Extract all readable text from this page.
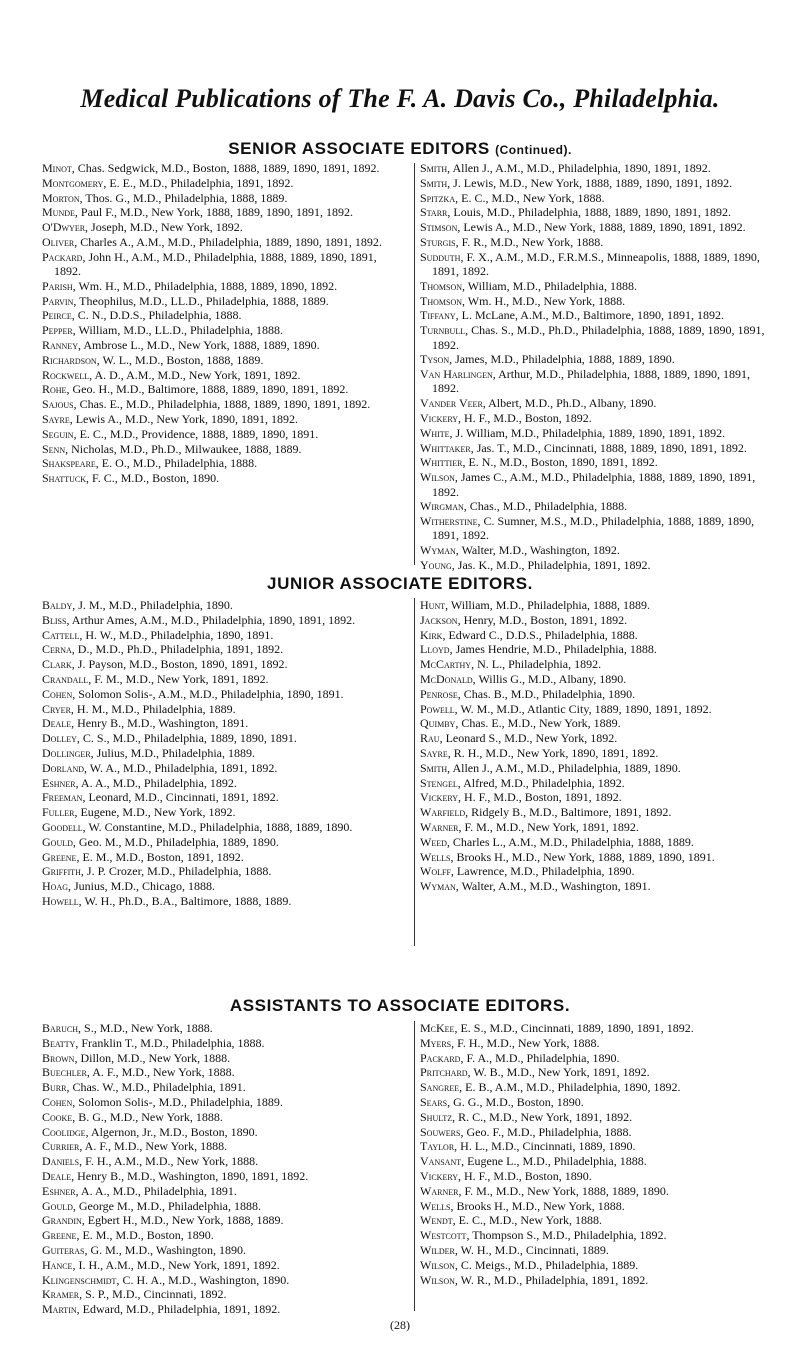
Medical Publications of The F. A. Davis Co., Philadelphia.
SENIOR ASSOCIATE EDITORS (Continued).
Minot, Chas. Sedgwick, M.D., Boston, 1888, 1889, 1890, 1891, 1892.
Montgomery, E. E., M.D., Philadelphia, 1891, 1892.
Morton, Thos. G., M.D., Philadelphia, 1888, 1889.
Munde, Paul F., M.D., New York, 1888, 1889, 1890, 1891, 1892.
O'Dwyer, Joseph, M.D., New York, 1892.
Oliver, Charles A., A.M., M.D., Philadelphia, 1889, 1890, 1891, 1892.
Packard, John H., A.M., M.D., Philadelphia, 1888, 1889, 1890, 1891, 1892.
Parish, Wm. H., M.D., Philadelphia, 1888, 1889, 1890, 1892.
Parvin, Theophilus, M.D., LL.D., Philadelphia, 1888, 1889.
Peirce, C. N., D.D.S., Philadelphia, 1888.
Pepper, William, M.D., LL.D., Philadelphia, 1888.
Ranney, Ambrose L., M.D., New York, 1888, 1889, 1890.
Richardson, W. L., M.D., Boston, 1888, 1889.
Rockwell, A. D., A.M., M.D., New York, 1891, 1892.
Rohe, Geo. H., M.D., Baltimore, 1888, 1889, 1890, 1891, 1892.
Sajous, Chas. E., M.D., Philadelphia, 1888, 1889, 1890, 1891, 1892.
Sayre, Lewis A., M.D., New York, 1890, 1891, 1892.
Seguin, E. C., M.D., Providence, 1888, 1889, 1890, 1891.
Senn, Nicholas, M.D., Ph.D., Milwaukee, 1888, 1889.
Shakspeare, E. O., M.D., Philadelphia, 1888.
Shattuck, F. C., M.D., Boston, 1890.
Smith, Allen J., A.M., M.D., Philadelphia, 1890, 1891, 1892.
Smith, J. Lewis, M.D., New York, 1888, 1889, 1890, 1891, 1892.
Spitzka, E. C., M.D., New York, 1888.
Starr, Louis, M.D., Philadelphia, 1888, 1889, 1890, 1891, 1892.
Stimson, Lewis A., M.D., New York, 1888, 1889, 1890, 1891, 1892.
Sturgis, F. R., M.D., New York, 1888.
Sudduth, F. X., A.M., M.D., F.R.M.S., Minneapolis, 1888, 1889, 1890, 1891, 1892.
Thomson, William, M.D., Philadelphia, 1888.
Thomson, Wm. H., M.D., New York, 1888.
Tiffany, L. McLane, A.M., M.D., Baltimore, 1890, 1891, 1892.
Turnbull, Chas. S., M.D., Ph.D., Philadelphia, 1888, 1889, 1890, 1891, 1892.
Tyson, James, M.D., Philadelphia, 1888, 1889, 1890.
Van Harlingen, Arthur, M.D., Philadelphia, 1888, 1889, 1890, 1891, 1892.
Vander Veer, Albert, M.D., Ph.D., Albany, 1890.
Vickery, H. F., M.D., Boston, 1892.
White, J. William, M.D., Philadelphia, 1889, 1890, 1891, 1892.
Whittaker, Jas. T., M.D., Cincinnati, 1888, 1889, 1890, 1891, 1892.
Whittier, E. N., M.D., Boston, 1890, 1891, 1892.
Wilson, James C., A.M., M.D., Philadelphia, 1888, 1889, 1890, 1891, 1892.
Wirgman, Chas., M.D., Philadelphia, 1888.
Witherstine, C. Sumner, M.S., M.D., Philadelphia, 1888, 1889, 1890, 1891, 1892.
Wyman, Walter, M.D., Washington, 1892.
Young, Jas. K., M.D., Philadelphia, 1891, 1892.
JUNIOR ASSOCIATE EDITORS.
Baldy, J. M., M.D., Philadelphia, 1890.
Bliss, Arthur Ames, A.M., M.D., Philadelphia, 1890, 1891, 1892.
Cattell, H. W., M.D., Philadelphia, 1890, 1891.
Cerna, D., M.D., Ph.D., Philadelphia, 1891, 1892.
Clark, J. Payson, M.D., Boston, 1890, 1891, 1892.
Crandall, F. M., M.D., New York, 1891, 1892.
Cohen, Solomon Solis-, A.M., M.D., Philadelphia, 1890, 1891.
Cryer, H. M., M.D., Philadelphia, 1889.
Deale, Henry B., M.D., Washington, 1891.
Dolley, C. S., M.D., Philadelphia, 1889, 1890, 1891.
Dollinger, Julius, M.D., Philadelphia, 1889.
Dorland, W. A., M.D., Philadelphia, 1891, 1892.
Eshner, A. A., M.D., Philadelphia, 1892.
Freeman, Leonard, M.D., Cincinnati, 1891, 1892.
Fuller, Eugene, M.D., New York, 1892.
Goodell, W. Constantine, M.D., Philadelphia, 1888, 1889, 1890.
Gould, Geo. M., M.D., Philadelphia, 1889, 1890.
Greene, E. M., M.D., Boston, 1891, 1892.
Griffith, J. P. Crozer, M.D., Philadelphia, 1888.
Hoag, Junius, M.D., Chicago, 1888.
Howell, W. H., Ph.D., B.A., Baltimore, 1888, 1889.
Hunt, William, M.D., Philadelphia, 1888, 1889.
Jackson, Henry, M.D., Boston, 1891, 1892.
Kirk, Edward C., D.D.S., Philadelphia, 1888.
Lloyd, James Hendrie, M.D., Philadelphia, 1888.
McCarthy, N. L., Philadelphia, 1892.
McDonald, Willis G., M.D., Albany, 1890.
Penrose, Chas. B., M.D., Philadelphia, 1890.
Powell, W. M., M.D., Atlantic City, 1889, 1890, 1891, 1892.
Quimby, Chas. E., M.D., New York, 1889.
Rau, Leonard S., M.D., New York, 1892.
Sayre, R. H., M.D., New York, 1890, 1891, 1892.
Smith, Allen J., A.M., M.D., Philadelphia, 1889, 1890.
Stengel, Alfred, M.D., Philadelphia, 1892.
Vickery, H. F., M.D., Boston, 1891, 1892.
Warfield, Ridgely B., M.D., Baltimore, 1891, 1892.
Warner, F. M., M.D., New York, 1891, 1892.
Weed, Charles L., A.M., M.D., Philadelphia, 1888, 1889.
Wells, Brooks H., M.D., New York, 1888, 1889, 1890, 1891.
Wolff, Lawrence, M.D., Philadelphia, 1890.
Wyman, Walter, A.M., M.D., Washington, 1891.
ASSISTANTS TO ASSOCIATE EDITORS.
Baruch, S., M.D., New York, 1888.
Beatty, Franklin T., M.D., Philadelphia, 1888.
Brown, Dillon, M.D., New York, 1888.
Buechler, A. F., M.D., New York, 1888.
Burr, Chas. W., M.D., Philadelphia, 1891.
Cohen, Solomon Solis-, M.D., Philadelphia, 1889.
Cooke, B. G., M.D., New York, 1888.
Coolidge, Algernon, Jr., M.D., Boston, 1890.
Currier, A. F., M.D., New York, 1888.
Daniels, F. H., A.M., M.D., New York, 1888.
Deale, Henry B., M.D., Washington, 1890, 1891, 1892.
Eshner, A. A., M.D., Philadelphia, 1891.
Gould, George M., M.D., Philadelphia, 1888.
Grandin, Egbert H., M.D., New York, 1888, 1889.
Greene, E. M., M.D., Boston, 1890.
Guiteras, G. M., M.D., Washington, 1890.
Hance, I. H., A.M., M.D., New York, 1891, 1892.
Klingenschmidt, C. H. A., M.D., Washington, 1890.
Kramer, S. P., M.D., Cincinnati, 1892.
Martin, Edward, M.D., Philadelphia, 1891, 1892.
McKee, E. S., M.D., Cincinnati, 1889, 1890, 1891, 1892.
Myers, F. H., M.D., New York, 1888.
Packard, F. A., M.D., Philadelphia, 1890.
Pritchard, W. B., M.D., New York, 1891, 1892.
Sangree, E. B., A.M., M.D., Philadelphia, 1890, 1892.
Sears, G. G., M.D., Boston, 1890.
Shultz, R. C., M.D., New York, 1891, 1892.
Souwers, Geo. F., M.D., Philadelphia, 1888.
Taylor, H. L., M.D., Cincinnati, 1889, 1890.
Vansant, Eugene L., M.D., Philadelphia, 1888.
Vickery, H. F., M.D., Boston, 1890.
Warner, F. M., M.D., New York, 1888, 1889, 1890.
Wells, Brooks H., M.D., New York, 1888.
Wendt, E. C., M.D., New York, 1888.
Westcott, Thompson S., M.D., Philadelphia, 1892.
Wilder, W. H., M.D., Cincinnati, 1889.
Wilson, C. Meigs., M.D., Philadelphia, 1889.
Wilson, W. R., M.D., Philadelphia, 1891, 1892.
(28)
